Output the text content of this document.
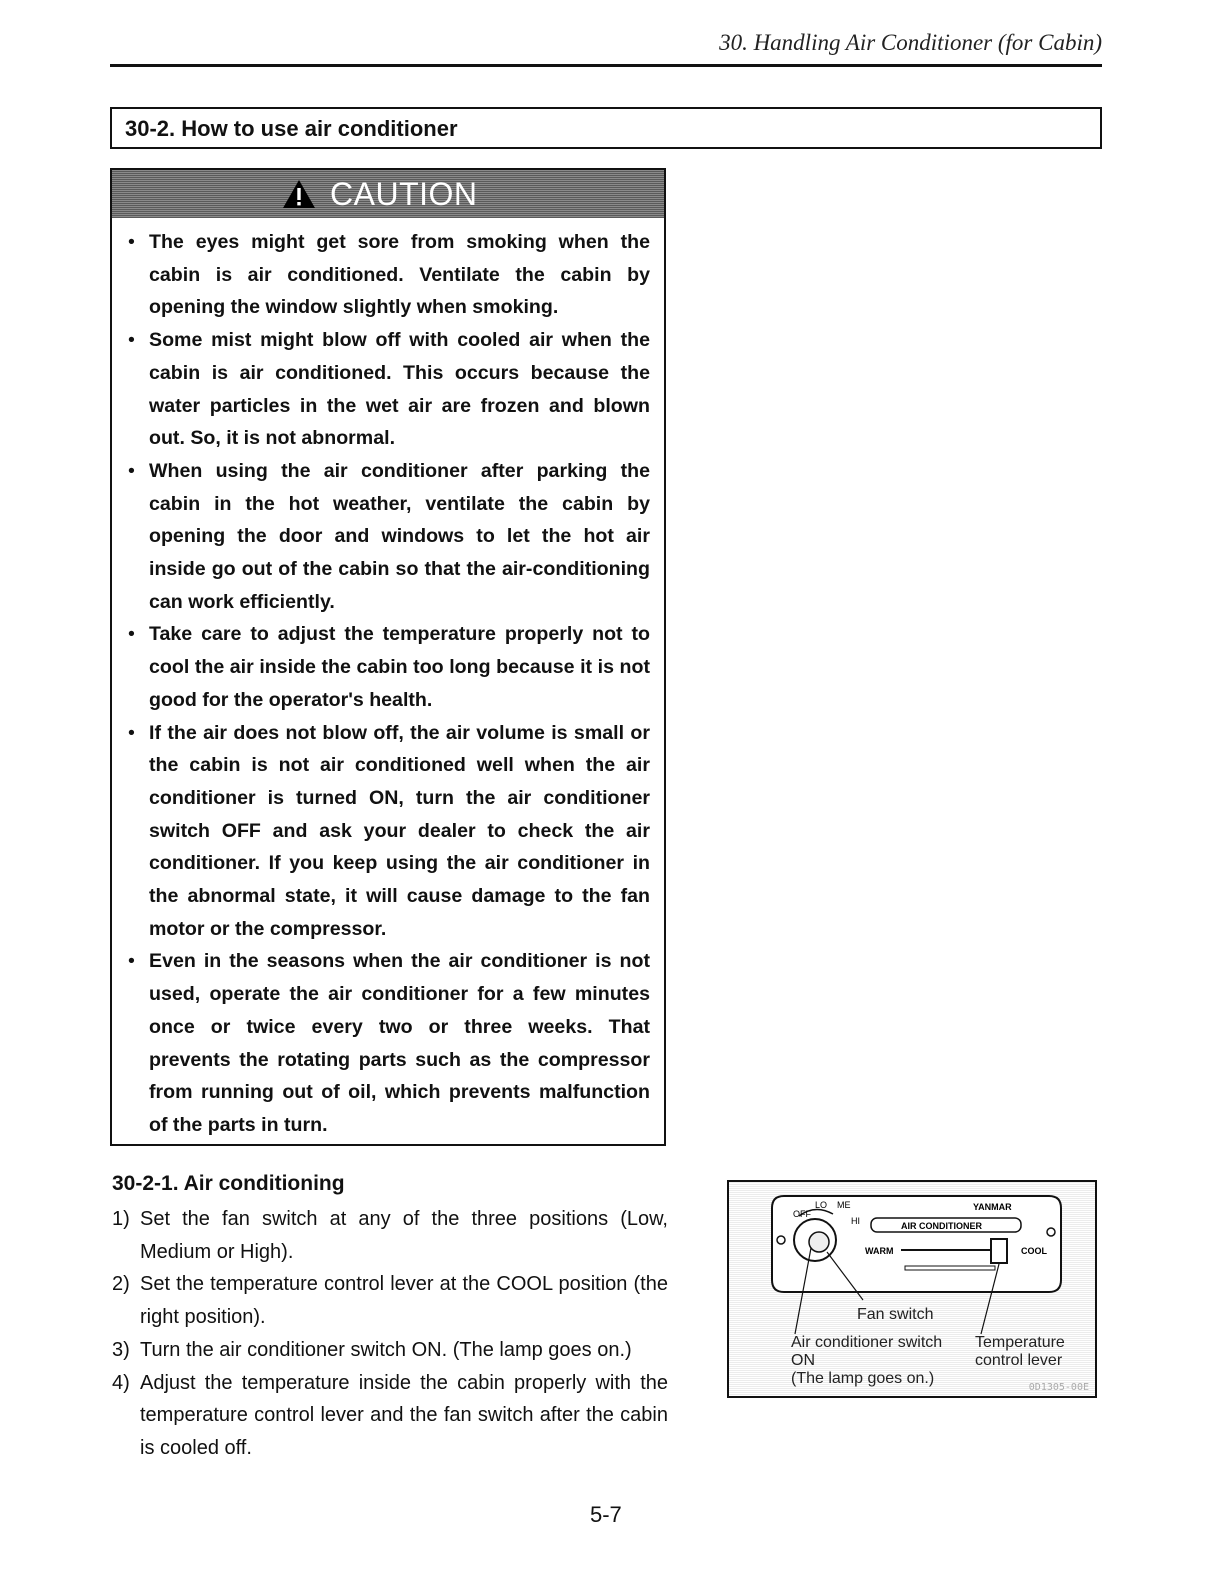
30. Handling Air Conditioner (for Cabin)
30-2. How to use air conditioner
CAUTION
• The eyes might get sore from smoking when the cabin is air conditioned. Ventilate the cabin by opening the window slightly when smoking.
• Some mist might blow off with cooled air when the cabin is air conditioned. This occurs because the water particles in the wet air are frozen and blown out. So, it is not abnormal.
• When using the air conditioner after parking the cabin in the hot weather, ventilate the cabin by opening the door and windows to let the hot air inside go out of the cabin so that the air-conditioning can work efficiently.
• Take care to adjust the temperature properly not to cool the air inside the cabin too long because it is not good for the operator's health.
• If the air does not blow off, the air volume is small or the cabin is not air conditioned well when the air conditioner is turned ON, turn the air conditioner switch OFF and ask your dealer to check the air conditioner. If you keep using the air conditioner in the abnormal state, it will cause damage to the fan motor or the compressor.
• Even in the seasons when the air conditioner is not used, operate the air conditioner for a few minutes once or twice every two or three weeks. That prevents the rotating parts such as the compressor from running out of oil, which prevents malfunction of the parts in turn.
30-2-1. Air conditioning
1) Set the fan switch at any of the three positions (Low, Medium or High).
2) Set the temperature control lever at the COOL position (the right position).
3) Turn the air conditioner switch ON. (The lamp goes on.)
4) Adjust the temperature inside the cabin properly with the temperature control lever and the fan switch after the cabin is cooled off.
LO ME
OFF
HI
YANMAR
AIR CONDITIONER
WARM	COOL
Fan switch
Air conditioner switch
ON
(The lamp goes on.)
Temperature
control lever
0D1305-00E
5-7
